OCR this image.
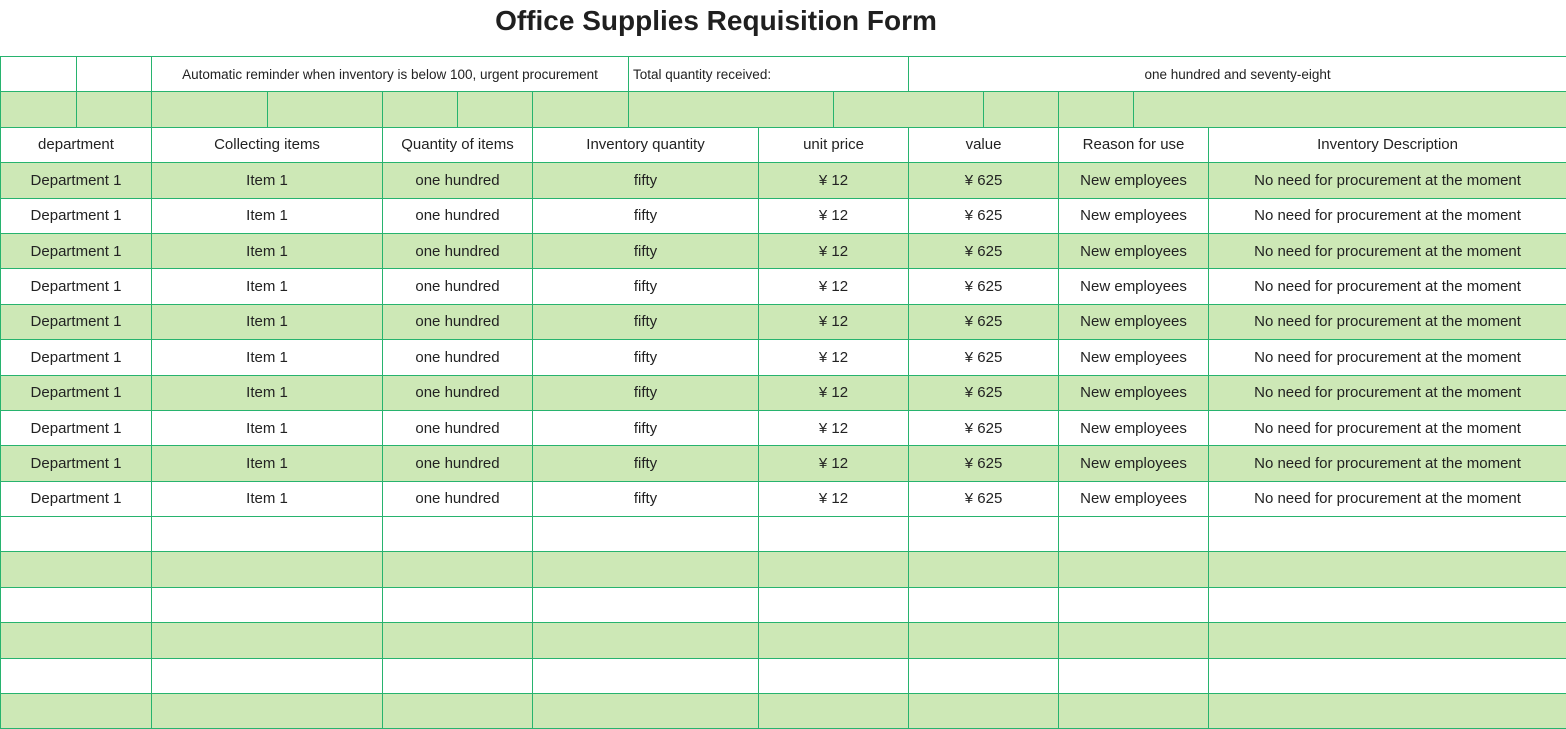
Office Supplies Requisition Form
		Automatic reminder when inventory is below 100, urgent procurement					Total quantity received:			one hundred and seventy-eight				

department		Collecting items		Quantity of items		Inventory quantity		unit price		value		Reason for use		Inventory Description
Department 1		Item 1		one hundred		fifty		¥ 12		¥ 625		New employees		No need for procurement at the moment
Department 1		Item 1		one hundred		fifty		¥ 12		¥ 625		New employees		No need for procurement at the moment
Department 1		Item 1		one hundred		fifty		¥ 12		¥ 625		New employees		No need for procurement at the moment
Department 1		Item 1		one hundred		fifty		¥ 12		¥ 625		New employees		No need for procurement at the moment
Department 1		Item 1		one hundred		fifty		¥ 12		¥ 625		New employees		No need for procurement at the moment
Department 1		Item 1		one hundred		fifty		¥ 12		¥ 625		New employees		No need for procurement at the moment
Department 1		Item 1		one hundred		fifty		¥ 12		¥ 625		New employees		No need for procurement at the moment
Department 1		Item 1		one hundred		fifty		¥ 12		¥ 625		New employees		No need for procurement at the moment
Department 1		Item 1		one hundred		fifty		¥ 12		¥ 625		New employees		No need for procurement at the moment
Department 1		Item 1		one hundred		fifty		¥ 12		¥ 625		New employees		No need for procurement at the moment
